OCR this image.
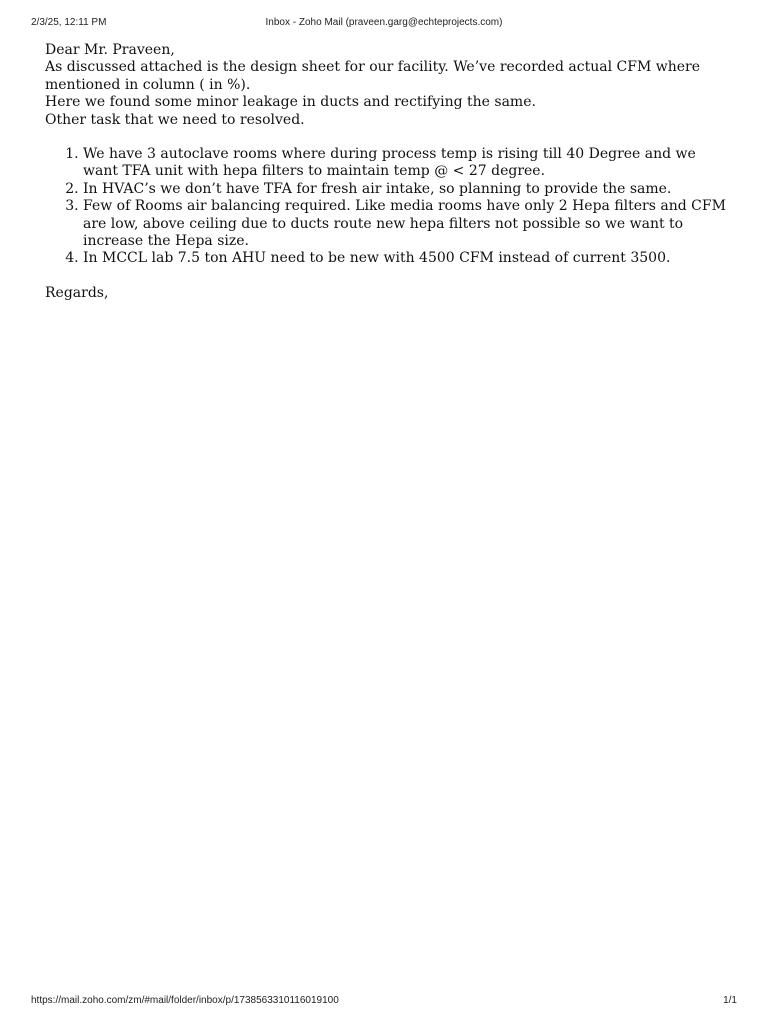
2/3/25, 12:11 PM	Inbox - Zoho Mail (praveen.garg@echteprojects.com)

Dear Mr. Praveen,

As discussed attached is the design sheet for our facility. We’ve recorded actual CFM where mentioned in column ( in %).

Here we found some minor leakage in ducts and rectifying the same.

Other task that we need to resolved.

1. We have 3 autoclave rooms where during process temp is rising till 40 Degree and we want TFA unit with hepa filters to maintain temp @ < 27 degree.
2. In HVAC’s we don’t have TFA for fresh air intake, so planning to provide the same.
3. Few of Rooms air balancing required. Like media rooms have only 2 Hepa filters and CFM are low, above ceiling due to ducts route new hepa filters not possible so we want to increase the Hepa size.
4. In MCCL lab 7.5 ton AHU need to be new with 4500 CFM instead of current 3500.

Regards,

https://mail.zoho.com/zm/#mail/folder/inbox/p/1738563310116019100	1/1
